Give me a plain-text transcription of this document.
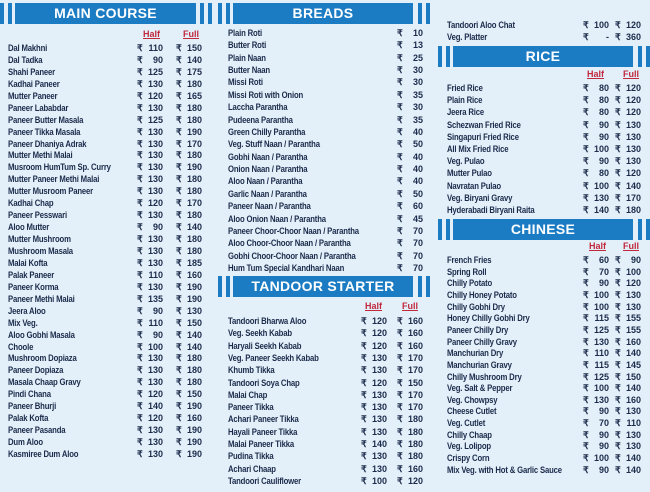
MAIN COURSE
Half	Full
BREADS
TANDOOR STARTER
Half Full
RICE
Half Full
CHINESE
Half Full
Dal Makhni	₹ 110 ₹ 150
Dal Tadka	₹ 90 ₹ 140
Shahi Paneer	₹ 125 ₹ 175
Kadhai Paneer	₹ 130 ₹ 180
Mutter Paneer	₹ 120 ₹ 165
Paneer Lababdar	₹ 130 ₹ 180
Paneer Butter Masala	₹ 125 ₹ 180
Paneer Tikka Masala	₹ 130 ₹ 190
Paneer Dhaniya Adrak	₹ 130 ₹ 170
Mutter Methi Malai	₹ 130 ₹ 180
Musroom HumTum Sp. Curry	₹ 130 ₹ 190
Mutter Paneer Methi Malai	₹ 130 ₹ 180
Mutter Musroom Paneer	₹ 130 ₹ 180
Kadhai Chap	₹ 120 ₹ 170
Paneer Pesswari	₹ 130 ₹ 180
Aloo Mutter	₹ 90 ₹ 140
Mutter Mushroom	₹ 130 ₹ 180
Mushroom Masala	₹ 130 ₹ 180
Malai Kofta	₹ 130 ₹ 185
Palak Paneer	₹ 110 ₹ 160
Paneer Korma	₹ 130 ₹ 190
Paneer Methi Malai	₹ 135 ₹ 190
Jeera Aloo	₹ 90 ₹ 130
Mix Veg.	₹ 110 ₹ 150
Aloo Gobhi Masala	₹ 90 ₹ 140
Choole	₹ 100 ₹ 140
Mushroom Dopiaza	₹ 130 ₹ 180
Paneer Dopiaza	₹ 130 ₹ 180
Masala Chaap Gravy	₹ 130 ₹ 180
Pindi Chana	₹ 120 ₹ 150
Paneer Bhurji	₹ 140 ₹ 190
Palak Kofta	₹ 120 ₹ 160
Paneer Pasanda	₹ 130 ₹ 190
Dum Aloo	₹ 130 ₹ 190
Kasmiree Dum Aloo	₹ 130 ₹ 190
Plain Roti	₹ 10
Butter Roti	₹ 13
Plain Naan	₹ 25
Butter Naan	₹ 30
Missi Roti	₹ 30
Missi Roti with Onion	₹ 35
Laccha Parantha	₹ 30
Pudeena Parantha	₹ 35
Green Chilly Parantha	₹ 40
Veg. Stuff Naan / Parantha	₹ 50
Gobhi Naan / Parantha	₹ 40
Onion Naan / Parantha	₹ 40
Aloo Naan / Parantha	₹ 40
Garlic Naan / Parantha	₹ 50
Paneer Naan / Parantha	₹ 60
Aloo Onion Naan / Parantha	₹ 45
Paneer Choor-Choor Naan / Parantha	₹ 70
Aloo Choor-Choor Naan / Parantha	₹ 70
Gobhi Choor-Choor Naan / Parantha	₹ 70
Hum Tum Special Kandhari Naan	₹ 70
Tandoori Bharwa Aloo	₹ 120 ₹ 160
Veg. Seekh Kabab	₹ 120 ₹ 160
Haryali Seekh Kabab	₹ 120 ₹ 160
Veg. Paneer Seekh Kabab	₹ 130 ₹ 170
Khumb Tikka	₹ 130 ₹ 170
Tandoori Soya Chap	₹ 120 ₹ 150
Malai Chap	₹ 130 ₹ 170
Paneer Tikka	₹ 130 ₹ 170
Achari Paneer Tikka	₹ 130 ₹ 180
Hayali Paneer Tikka	₹ 130 ₹ 180
Malai Paneer Tikka	₹ 140 ₹ 180
Pudina Tikka	₹ 130 ₹ 180
Achari Chaap	₹ 130 ₹ 160
Tandoori Cauliflower	₹ 100 ₹ 120
Tandoori Aloo Chat	₹ 100 ₹ 120
Veg. Platter	₹ - ₹ 360
Fried Rice	₹ 80 ₹ 120
Plain Rice	₹ 80 ₹ 120
Jeera Rice	₹ 80 ₹ 120
Schezwan Fried Rice	₹ 90 ₹ 130
Singapuri Fried Rice	₹ 90 ₹ 130
All Mix Fried Rice	₹ 100 ₹ 130
Veg. Pulao	₹ 90 ₹ 130
Mutter Pulao	₹ 80 ₹ 120
Navratan Pulao	₹ 100 ₹ 140
Veg. Biryani Gravy	₹ 130 ₹ 170
Hyderabadi Biryani Raita	₹ 140 ₹ 180
French Fries	₹ 60 ₹ 90
Spring Roll	₹ 70 ₹ 100
Chilly Potato	₹ 90 ₹ 120
Chilly Honey Potato	₹ 100 ₹ 130
Chilly Gobhi Dry	₹ 100 ₹ 130
Honey Chilly Gobhi Dry	₹ 115 ₹ 155
Paneer Chilly Dry	₹ 125 ₹ 155
Paneer Chilly Gravy	₹ 130 ₹ 160
Manchurian Dry	₹ 110 ₹ 140
Manchurian Gravy	₹ 115 ₹ 145
Chilly Mushroom Dry	₹ 125 ₹ 150
Veg. Salt & Pepper	₹ 100 ₹ 140
Veg. Chowpsy	₹ 130 ₹ 160
Cheese Cutlet	₹ 90 ₹ 130
Veg. Cutlet	₹ 70 ₹ 110
Chilly Chaap	₹ 90 ₹ 130
Veg. Lolipop	₹ 90 ₹ 130
Crispy Corn	₹ 100 ₹ 140
Mix Veg. with Hot & Garlic Sauce ₹ 90 ₹ 140
